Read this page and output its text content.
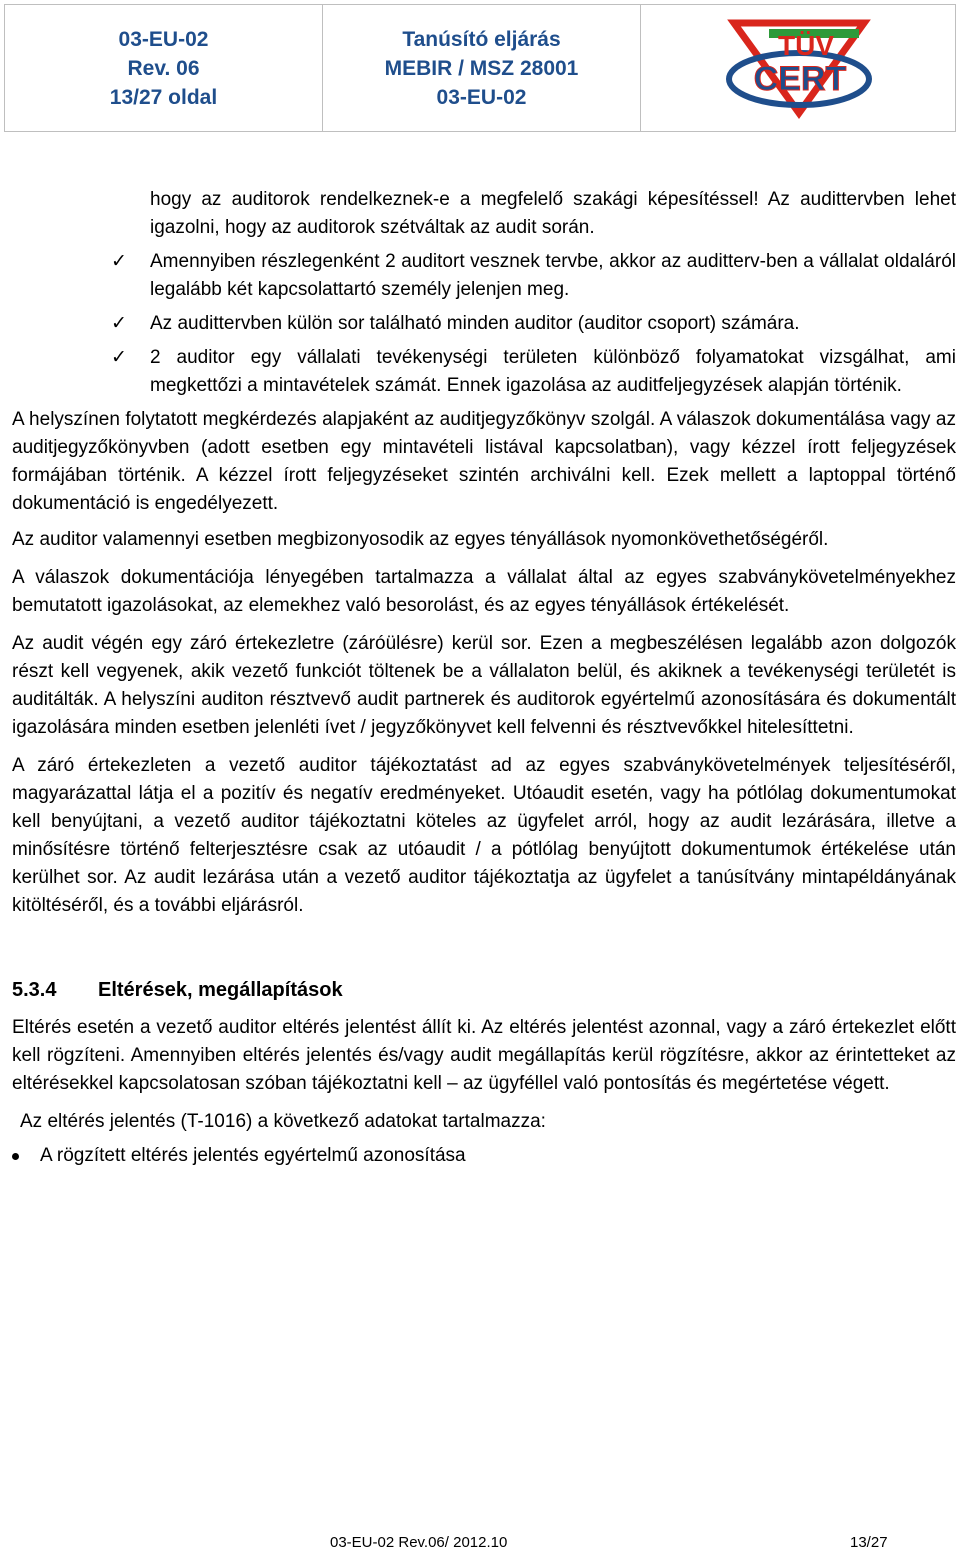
03-EU-02
Rev. 06
13/27 oldal
Tanúsító eljárás
MEBIR / MSZ 28001
03-EU-02
TÜV
CERT

hogy az auditorok rendelkeznek-e a megfelelő szakági képesítéssel! Az audittervben lehet igazolni, hogy az auditorok szétváltak az audit során.

✓ Amennyiben részlegenként 2 auditort vesznek tervbe, akkor az auditterv-ben a vállalat oldaláról legalább két kapcsolattartó személy jelenjen meg.

✓ Az audittervben külön sor található minden auditor (auditor csoport) számára.

✓ 2 auditor egy vállalati tevékenységi területen különböző folyamatokat vizsgálhat, ami megkettőzi a mintavételek számát. Ennek igazolása az auditfeljegyzések alapján történik.

A helyszínen folytatott megkérdezés alapjaként az auditjegyzőkönyv szolgál. A válaszok dokumentálása vagy az auditjegyzőkönyvben (adott esetben egy mintavételi listával kapcsolatban), vagy kézzel írott feljegyzések formájában történik. A kézzel írott feljegyzéseket szintén archiválni kell. Ezek mellett a laptoppal történő dokumentáció is engedélyezett.

Az auditor valamennyi esetben megbizonyosodik az egyes tényállások nyomonkövethetőségéről.

A válaszok dokumentációja lényegében tartalmazza a vállalat által az egyes szabványkövetelményekhez bemutatott igazolásokat, az elemekhez való besorolást, és az egyes tényállások értékelését.

Az audit végén egy záró értekezletre (záróülésre) kerül sor. Ezen a megbeszélésen legalább azon dolgozók részt kell vegyenek, akik vezető funkciót töltenek be a vállalaton belül, és akiknek a tevékenységi területét is auditálták. A helyszíni auditon résztvevő audit partnerek és auditorok egyértelmű azonosítására és dokumentált igazolására minden esetben jelenléti ívet / jegyzőkönyvet kell felvenni és résztvevőkkel hitelesíttetni.

A záró értekezleten a vezető auditor tájékoztatást ad az egyes szabványkövetelmények teljesítéséről, magyarázattal látja el a pozitív és negatív eredményeket. Utóaudit esetén, vagy ha pótlólag dokumentumokat kell benyújtani, a vezető auditor tájékoztatni köteles az ügyfelet arról, hogy az audit lezárására, illetve a minősítésre történő felterjesztésre csak az utóaudit / a pótlólag benyújtott dokumentumok értékelése után kerülhet sor. Az audit lezárása után a vezető auditor tájékoztatja az ügyfelet a tanúsítvány mintapéldányának kitöltéséről, és a további eljárásról.

5.3.4 Eltérések, megállapítások

Eltérés esetén a vezető auditor eltérés jelentést állít ki. Az eltérés jelentést azonnal, vagy a záró értekezlet előtt kell rögzíteni. Amennyiben eltérés jelentés és/vagy audit megállapítás kerül rögzítésre, akkor az érintetteket az eltérésekkel kapcsolatosan szóban tájékoztatni kell – az ügyféllel való pontosítás és megértetése végett.

Az eltérés jelentés (T-1016) a következő adatokat tartalmazza:

A rögzített eltérés jelentés egyértelmű azonosítása

03-EU-02 Rev.06/ 2012.10	13/27
